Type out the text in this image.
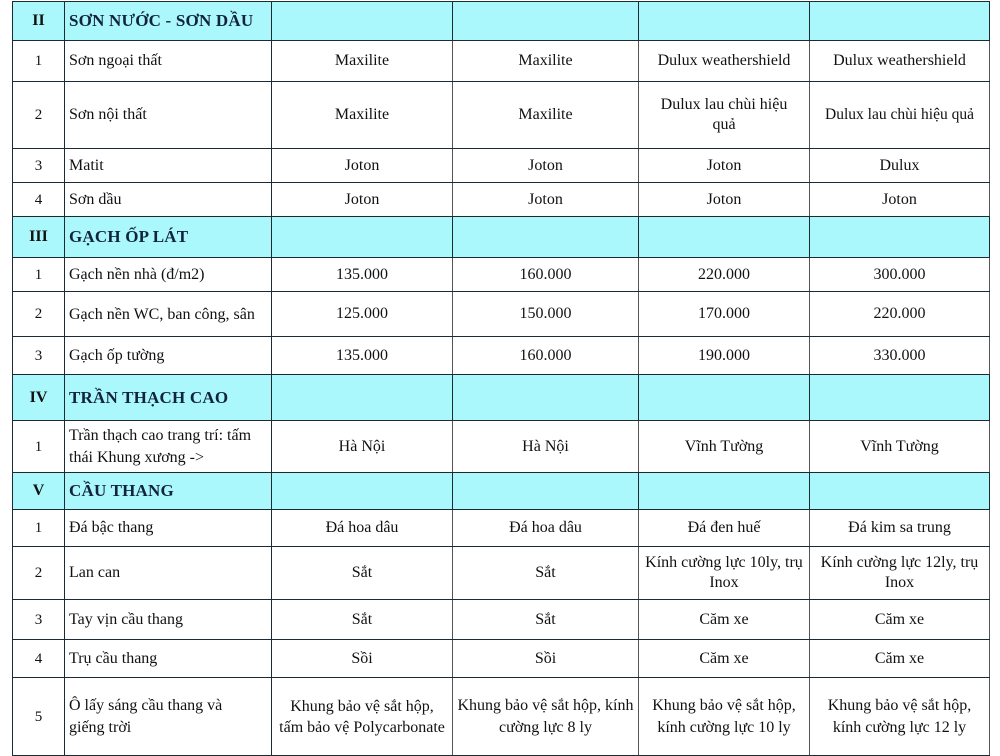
II	SƠN NƯỚC - SƠN DẦU				
1	Sơn ngoại thất	Maxilite	Maxilite	Dulux weathershield	Dulux weathershield
2	Sơn nội thất	Maxilite	Maxilite	Dulux lau chùi hiệu quả	Dulux lau chùi hiệu quả
3	Matit	Joton	Joton	Joton	Dulux
4	Sơn dầu	Joton	Joton	Joton	Joton
III	GẠCH ỐP LÁT				
1	Gạch nền nhà (đ/m2)	135.000	160.000	220.000	300.000
2	Gạch nền WC, ban công, sân	125.000	150.000	170.000	220.000
3	Gạch ốp tường	135.000	160.000	190.000	330.000
IV	TRẦN THẠCH CAO				
1	Trần thạch cao trang trí: tấm thái Khung xương ->	Hà Nội	Hà Nội	Vĩnh Tường	Vĩnh Tường
V	CẦU THANG				
1	Đá bậc thang	Đá hoa dâu	Đá hoa dâu	Đá đen huế	Đá kim sa trung
2	Lan can	Sắt	Sắt	Kính cường lực 10ly, trụ Inox	Kính cường lực 12ly, trụ Inox
3	Tay vịn cầu thang	Sắt	Sắt	Căm xe	Căm xe
4	Trụ cầu thang	Sồi	Sồi	Căm xe	Căm xe
5	Ô lấy sáng cầu thang và giếng trời	Khung bảo vệ sắt hộp, tấm bảo vệ Polycarbonate	Khung bảo vệ sắt hộp, kính cường lực 8 ly	Khung bảo vệ sắt hộp, kính cường lực 10 ly	Khung bảo vệ sắt hộp, kính cường lực 12 ly
